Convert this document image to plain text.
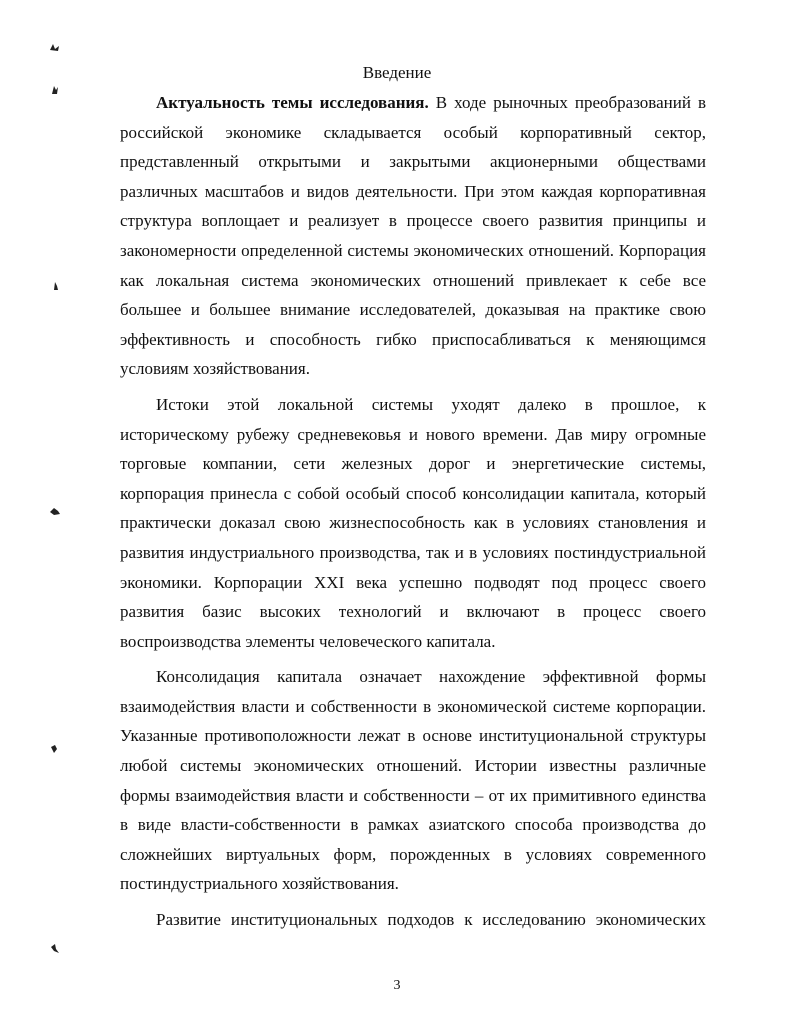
Введение

Актуальность темы исследования. В ходе рыночных преобразований в российской экономике складывается особый корпоративный сектор, представленный открытыми и закрытыми акционерными обществами различных масштабов и видов деятельности. При этом каждая корпоративная структура воплощает и реализует в процессе своего развития принципы и закономерности определенной системы экономических отношений. Корпорация как локальная система экономических отношений привлекает к себе все большее и большее внимание исследователей, доказывая на практике свою эффективность и способность гибко приспосабливаться к меняющимся условиям хозяйствования.

Истоки этой локальной системы уходят далеко в прошлое, к историческому рубежу средневековья и нового времени. Дав миру огромные торговые компании, сети железных дорог и энергетические системы, корпорация принесла с собой особый способ консолидации капитала, который практически доказал свою жизнеспособность как в условиях становления и развития индустриального производства, так и в условиях постиндустриальной экономики. Корпорации XXI века успешно подводят под процесс своего развития базис высоких технологий и включают в процесс своего воспроизводства элементы человеческого капитала.

Консолидация капитала означает нахождение эффективной формы взаимодействия власти и собственности в экономической системе корпорации. Указанные противоположности лежат в основе институциональной структуры любой системы экономических отношений. Истории известны различные формы взаимодействия власти и собственности – от их примитивного единства в виде власти-собственности в рамках азиатского способа производства до сложнейших виртуальных форм, порожденных в условиях современного постиндустриального хозяйствования.

Развитие институциональных подходов к исследованию экономических

3
